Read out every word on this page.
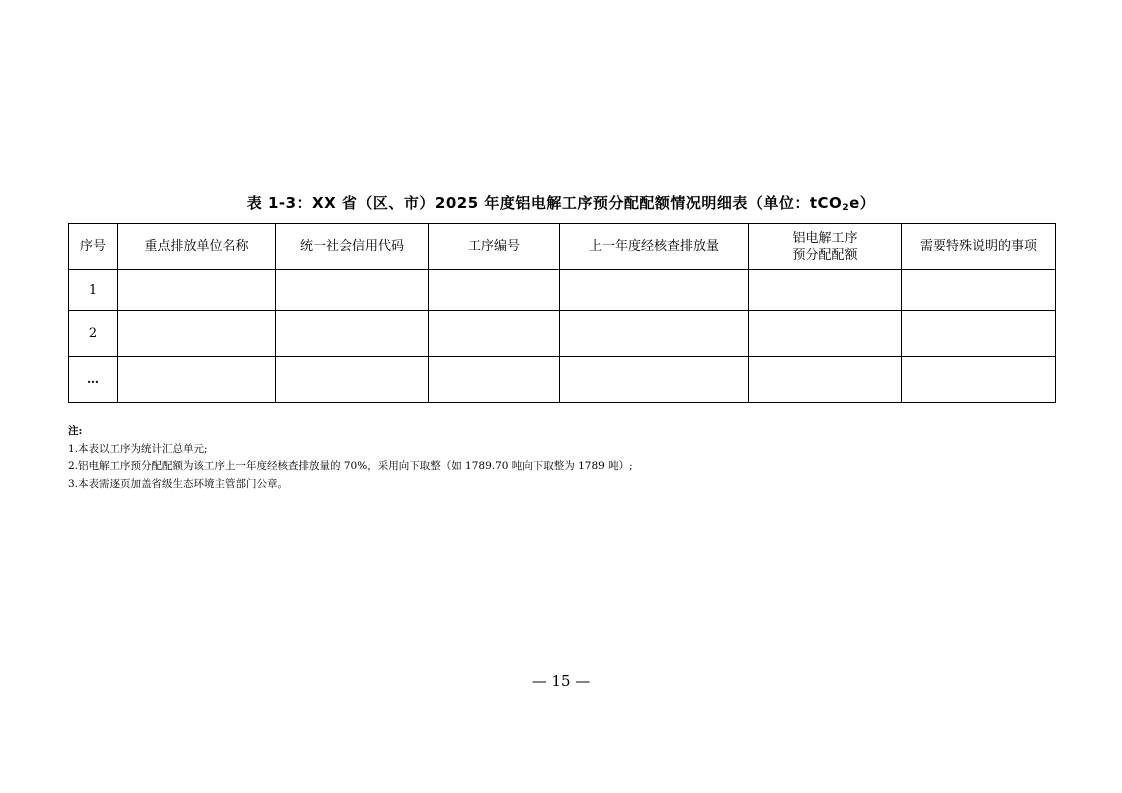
表 1-3：XX 省（区、市）2025 年度铝电解工序预分配配额情况明细表（单位：tCO$_2$e）
序号	重点排放单位名称	统一社会信用代码	工序编号	上一年度经核查排放量	铝电解工序
预分配配额	需要特殊说明的事项
1						
2						
…						
注:
1.本表以工序为统计汇总单元;
2.铝电解工序预分配配额为该工序上一年度经核查排放量的 70%，采用向下取整（如 1789.70 吨向下取整为 1789 吨）;
3.本表需逐页加盖省级生态环境主管部门公章。
— 15 —
